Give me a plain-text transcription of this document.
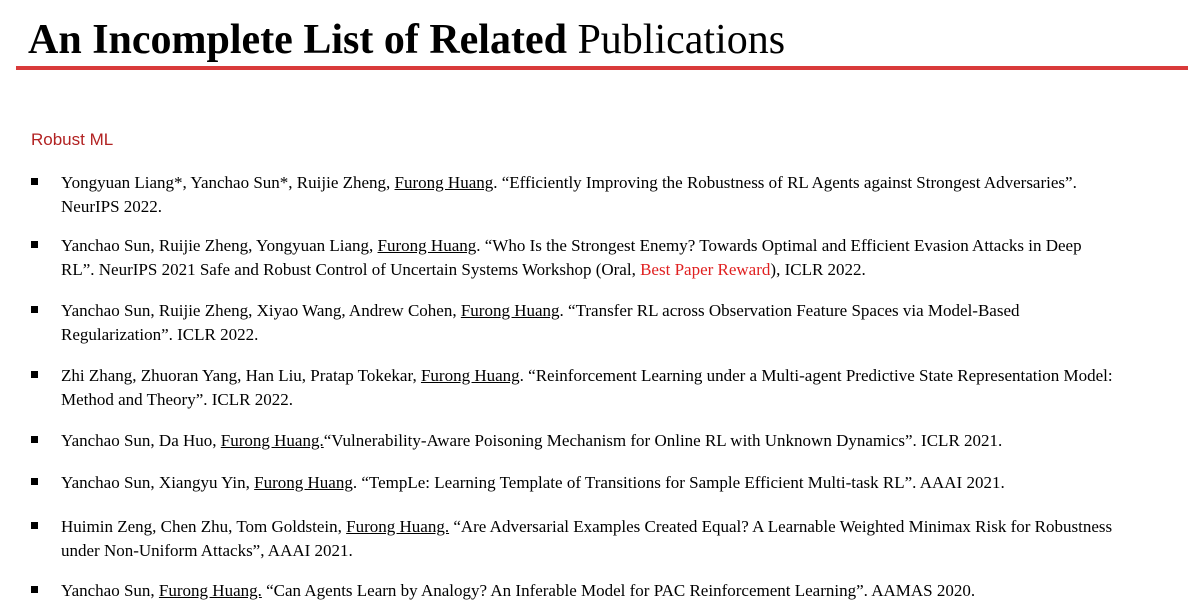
An Incomplete List of Related Publications
Robust ML
Yongyuan Liang*, Yanchao Sun*, Ruijie Zheng, Furong Huang. “Efficiently Improving the Robustness of RL Agents against Strongest Adversaries”.
NeurIPS 2022.
Yanchao Sun, Ruijie Zheng, Yongyuan Liang, Furong Huang. “Who Is the Strongest Enemy? Towards Optimal and Efficient Evasion Attacks in Deep
RL”. NeurIPS 2021 Safe and Robust Control of Uncertain Systems Workshop (Oral, Best Paper Reward), ICLR 2022.
Yanchao Sun, Ruijie Zheng, Xiyao Wang, Andrew Cohen, Furong Huang. “Transfer RL across Observation Feature Spaces via Model-Based
Regularization”. ICLR 2022.
Zhi Zhang, Zhuoran Yang, Han Liu, Pratap Tokekar, Furong Huang. “Reinforcement Learning under a Multi-agent Predictive State Representation Model:
Method and Theory”. ICLR 2022.
Yanchao Sun, Da Huo, Furong Huang.“Vulnerability-Aware Poisoning Mechanism for Online RL with Unknown Dynamics”. ICLR 2021.
Yanchao Sun, Xiangyu Yin, Furong Huang. “TempLe: Learning Template of Transitions for Sample Efficient Multi-task RL”. AAAI 2021.
Huimin Zeng, Chen Zhu, Tom Goldstein, Furong Huang. “Are Adversarial Examples Created Equal? A Learnable Weighted Minimax Risk for Robustness
under Non-Uniform Attacks”, AAAI 2021.
Yanchao Sun, Furong Huang. “Can Agents Learn by Analogy? An Inferable Model for PAC Reinforcement Learning”. AAMAS 2020.
